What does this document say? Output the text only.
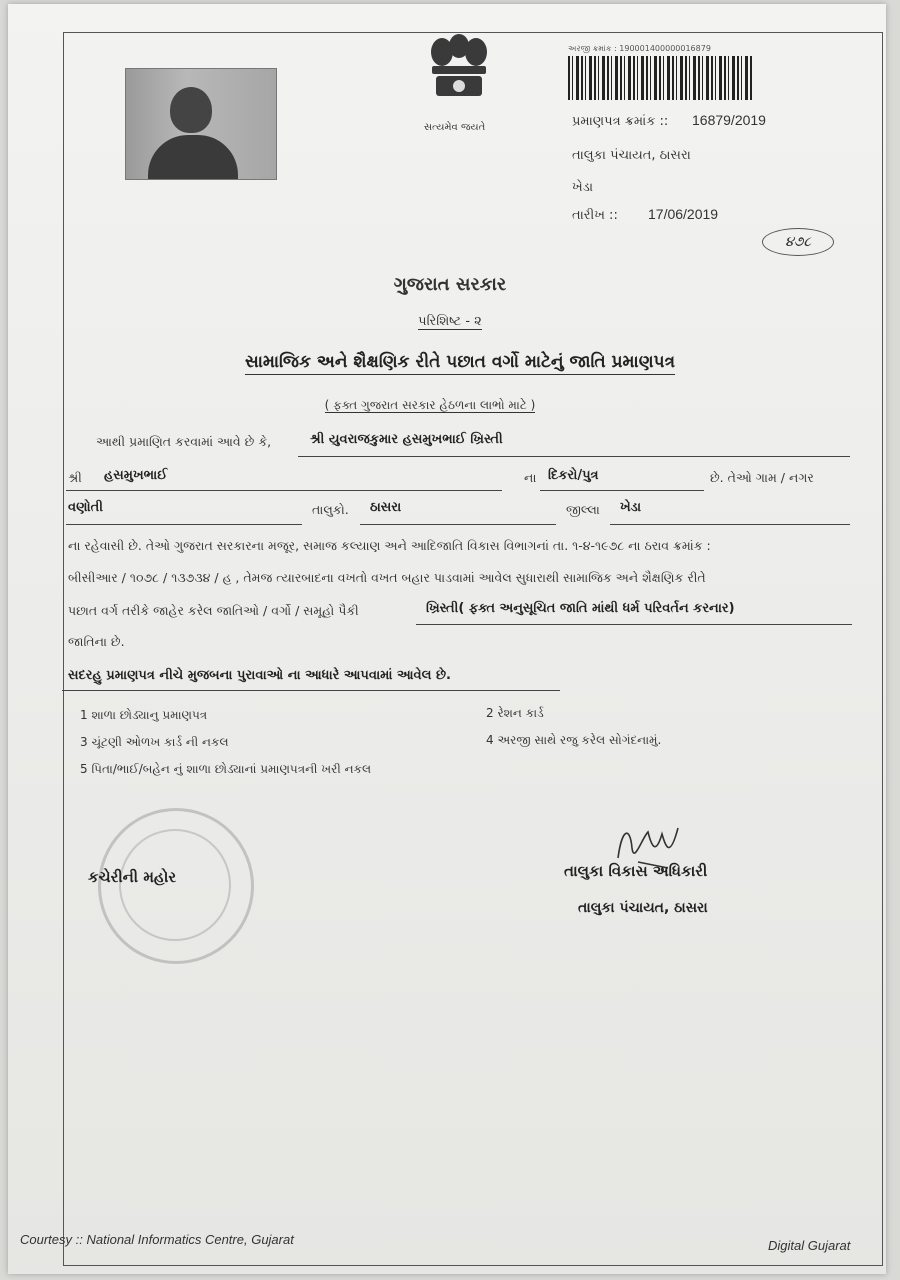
સત્યમેવ જયતે
અરજી ક્રમાંક : 190001400000016879
પ્રમાણપત્ર ક્રમાંક :: 16879/2019
તાલુકા પંચાયત, ઠાસરા
ખેડા
તારીખ :: 17/06/2019
૪૭૮
ગુજરાત સરકાર
પરિશિષ્ટ - ૨
સામાજિક અને શૈક્ષણિક રીતે પછાત વર્ગો માટેનું જાતિ પ્રમાણપત્ર
( ફક્ત ગુજરાત સરકાર હેઠળના લાભો માટે )
આથી પ્રમાણિત કરવામાં આવે છે કે,	શ્રી યુવરાજકુમાર હસમુખભાઈ ખ્રિસ્તી
શ્રી હસમુખભાઈ	ના દિકરો/પુત્ર	છે. તેઓ ગામ / નગર
વણોતી	તાલુકો. ઠાસરા	જીલ્લા ખેડા
ના રહેવાસી છે. તેઓ ગુજરાત સરકારના મજૂર, સમાજ કલ્યાણ અને આદિજાતિ વિકાસ વિભાગનાં તા. ૧-૪-૧૯૭૮ ના ઠરાવ ક્રમાંક :
બીસીઆર / ૧૦૭૮ / ૧૩૭૩૪ / હ , તેમજ ત્યારબાદના વખતો વખત બહાર પાડવામાં આવેલ સુધારાથી સામાજિક અને શૈક્ષણિક રીતે
પછાત વર્ગ તરીકે જાહેર કરેલ જાતિઓ / વર્ગો / સમૂહો પૈકી	ખ્રિસ્તી( ફક્ત અનુસૂચિત જાતિ માંથી ધર્મ પરિવર્તન કરનાર)
જાતિના છે.
સદરહુ પ્રમાણપત્ર નીચે મુજબના પુરાવાઓ ના આધારે આપવામાં આવેલ છે.
1 શાળા છોડ્યાનુ પ્રમાણપત્ર	2 રેશન કાર્ડ
3 ચૂંટણી ઓળખ કાર્ડ ની નકલ	4 અરજી સાથે રજુ કરેલ સોગંદનામું.
5 પિતા/ભાઈ/બહેન નું શાળા છોડ્યાનાં પ્રમાણપત્રની ખરી નકલ
કચેરીની મહોર	તાલુકા વિકાસ અધિકારી
તાલુકા પંચાયત, ઠાસરા
Courtesy :: National Informatics Centre, Gujarat	Digital Gujarat
